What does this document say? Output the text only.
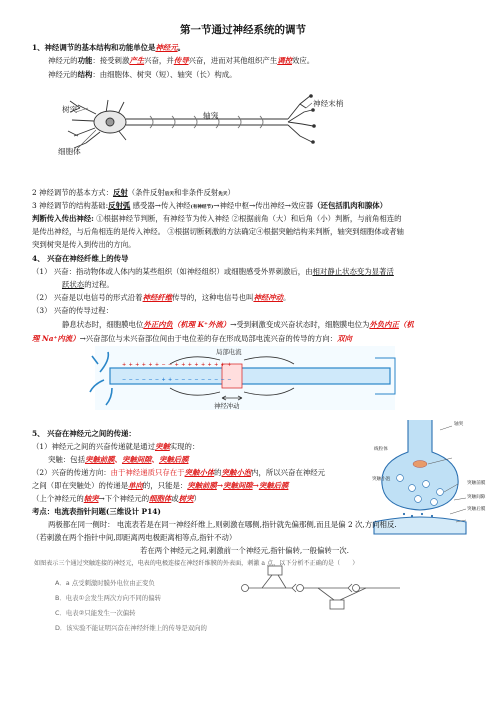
第一节通过神经系统的调节
1、神经调节的基本结构和功能单位是神经元。
神经元的功能：接受刺激产生兴奋，并传导兴奋，进而对其他组织产生调控效应。
神经元的结构：由细胞体、树突（短）、轴突（长）构成。
树突
轴突
神经末梢
细胞体
2 神经调节的基本方式：反射（条件反射后天和非条件反射先天）
3 神经调节的结构基础:反射弧 感受器→传入神经(有神经节)→神经中枢→传出神经→效应器（还包括肌肉和腺体）
判断传入传出神经: ①根据神经节判断，有神经节为传入神经 ②根据前角（大）和后角（小）判断，与前角相连的
是传出神经，与后角相连的是传入神经。 ③根据切断刺激的方法确定④根据突触结构来判断，轴突到细胞体或者轴
突到树突是传入到传出的方向。
4、 兴奋在神经纤维上的传导
（1） 兴奋：指动物体或人体内的某些组织（如神经组织）或细胞感受外界刺激后，由相对静止状态变为显著活
跃状态的过程。
（2） 兴奋是以电信号的形式沿着神经纤维传导的，这种电信号也叫神经冲动。
（3） 兴奋的传导过程：
静息状态时，细胞膜电位外正内负（机理 K⁺外流）→受到刺激变成兴奋状态时，细胞膜电位为外负内正（机
理 Na⁺内流）→兴奋部位与未兴奋部位间由于电位差的存在形成局部电流兴奋的传导的方向：双向
局部电流
+ + + + + + − − + + + + + + + + +
− − − − − − + + − − − − − − − − −
神经冲动
5、 兴奋在神经元之间的传递：
（1）神经元之间的兴奋传递就是通过突触实现的：
突触：包括突触前膜、突触间隙、突触后膜
（2）兴奋的传递方向：由于神经递质只存在于突触小体的突触小泡内，所以兴奋在神经元
之间（即在突触处）的传递是单向的，只能是：突触前膜→突触间隙→突触后膜
（上个神经元的轴突→下个神经元的细胞体或树突）
轴突
线粒体
突触小泡
突触前膜
突触间隙
突触后膜
考点：电流表指针问题(三维设计 P14)
两极都在同一侧时： 电流表若是在同一神经纤维上,则刺激在哪侧,指针就先偏那侧,而且是偏 2 次,方向相反.
（若刺激在两个指针中间,即距离两电极距离相等点,指针不动）
若在两个神经元之间,刺激前一个神经元,指针偏转,一般偏转一次.
如图表示三个通过突触连接的神经元，电表的电极连接在神经纤维膜的外表面，刺激 a 点，以下分析不正确的是（　　）
A．a 点受刺激时膜外电位由正变负
B．电表①会发生两次方向不同的偏转
C．电表②只能发生一次偏转
D．该实验不能证明兴奋在神经纤维上的传导是双向的
